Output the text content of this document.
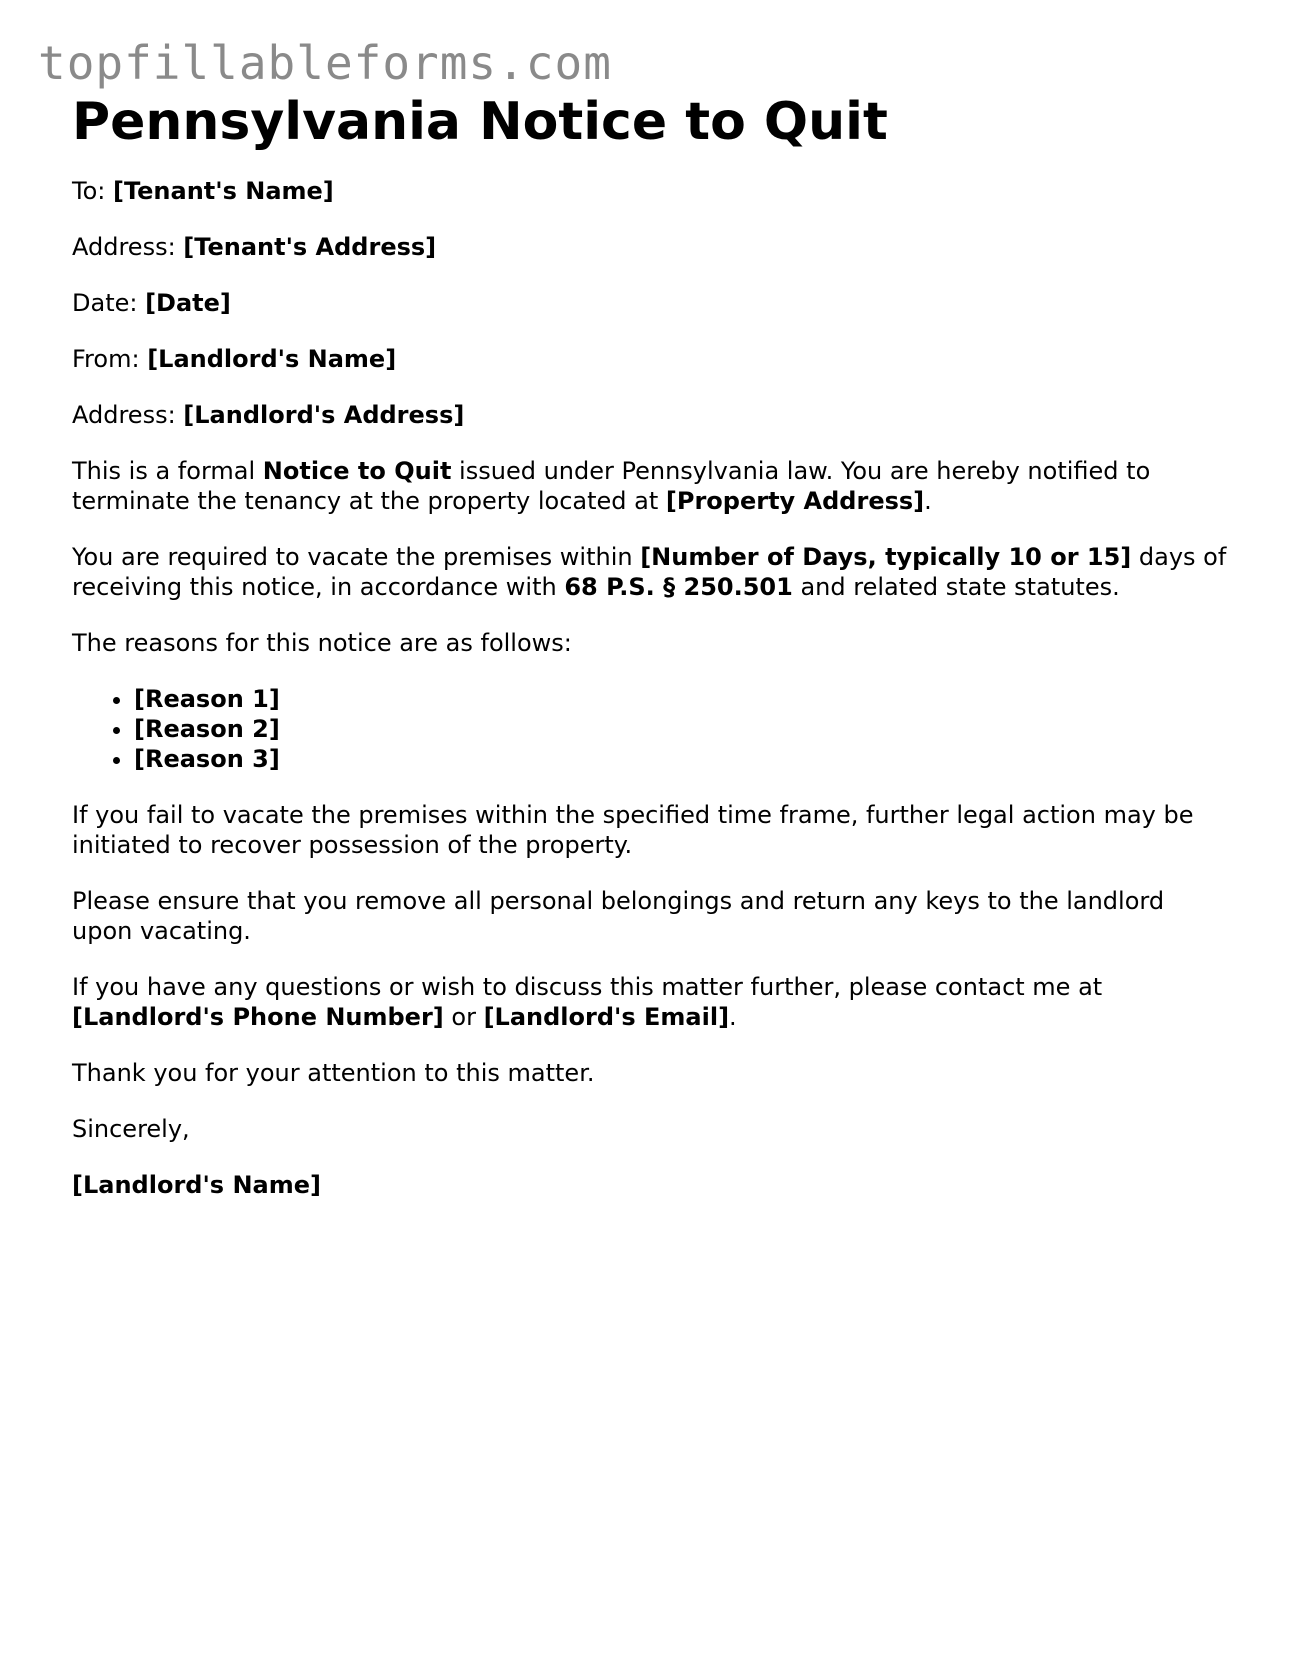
topfillableforms.com
Pennsylvania Notice to Quit

To: [Tenant's Name]

Address: [Tenant's Address]

Date: [Date]

From: [Landlord's Name]

Address: [Landlord's Address]

This is a formal Notice to Quit issued under Pennsylvania law. You are hereby notified to terminate the tenancy at the property located at [Property Address].

You are required to vacate the premises within [Number of Days, typically 10 or 15] days of receiving this notice, in accordance with 68 P.S. § 250.501 and related state statutes.

The reasons for this notice are as follows:

• [Reason 1]
• [Reason 2]
• [Reason 3]

If you fail to vacate the premises within the specified time frame, further legal action may be initiated to recover possession of the property.

Please ensure that you remove all personal belongings and return any keys to the landlord upon vacating.

If you have any questions or wish to discuss this matter further, please contact me at [Landlord's Phone Number] or [Landlord's Email].

Thank you for your attention to this matter.

Sincerely,

[Landlord's Name]
